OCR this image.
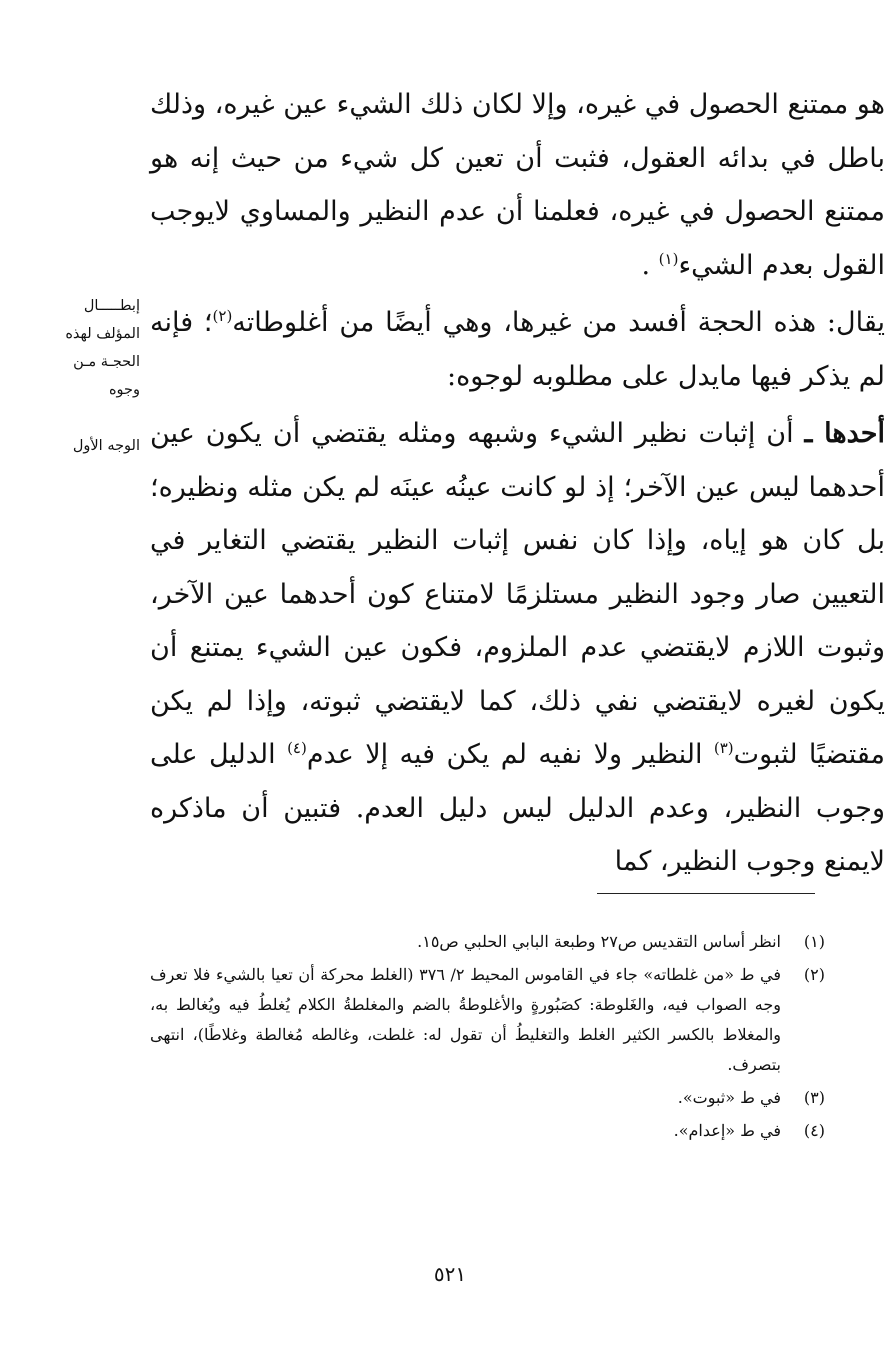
هو ممتنع الحصول في غيره، وإلا لكان ذلك الشيء عين غيره، وذلك باطل في بدائه العقول، فثبت أن تعين كل شيء من حيث إنه هو ممتنع الحصول في غيره، فعلمنا أن عدم النظير والمساوي لايوجب القول بعدم الشيء$^{(١)}$ .

يقال: هذه الحجة أفسد من غيرها، وهي أيضًا من أغلوطاته$^{(٢)}$؛ فإنه لم يذكر فيها مايدل على مطلوبه لوجوه:

أحدها ـ أن إثبات نظير الشيء وشبهه ومثله يقتضي أن يكون عين أحدهما ليس عين الآخر؛ إذ لو كانت عينُه عينَه لم يكن مثله ونظيره؛ بل كان هو إياه، وإذا كان نفس إثبات النظير يقتضي التغاير في التعيين صار وجود النظير مستلزمًا لامتناع كون أحدهما عين الآخر، وثبوت اللازم لايقتضي عدم الملزوم، فكون عين الشيء يمتنع أن يكون لغيره لايقتضي نفي ذلك، كما لايقتضي ثبوته، وإذا لم يكن مقتضيًا لثبوت$^{(٣)}$ النظير ولا نفيه لم يكن فيه إلا عدم$^{(٤)}$ الدليل على وجوب النظير، وعدم الدليل ليس دليل العدم. فتبين أن ماذكره لايمنع وجوب النظير، كما

إبطـــــال المؤلف لهذه الحجـة مـن وجوه
الوجه الأول
(١)
انظر أساس التقديس ص٢٧ وطبعة البابي الحلبي ص١٥.
(٢)
في ط «من غلطاته» جاء في القاموس المحيط ٢/ ٣٧٦ (الغلط محركة أن تعيا بالشيء فلا تعرف وجه الصواب فيه، والغَلوطة: كصَبُورةٍ والأغلوطةُ بالضم والمغلطةُ الكلام يُغلطُ فيه ويُغالط به، والمغلاط بالكسر الكثير الغلط والتغليطُ أن تقول له: غلطت، وغالطه مُغالطة وغلاطًا)، انتهى بتصرف.
(٣)
في ط «ثبوت».
(٤)
في ط «إعدام».
٥٢١
